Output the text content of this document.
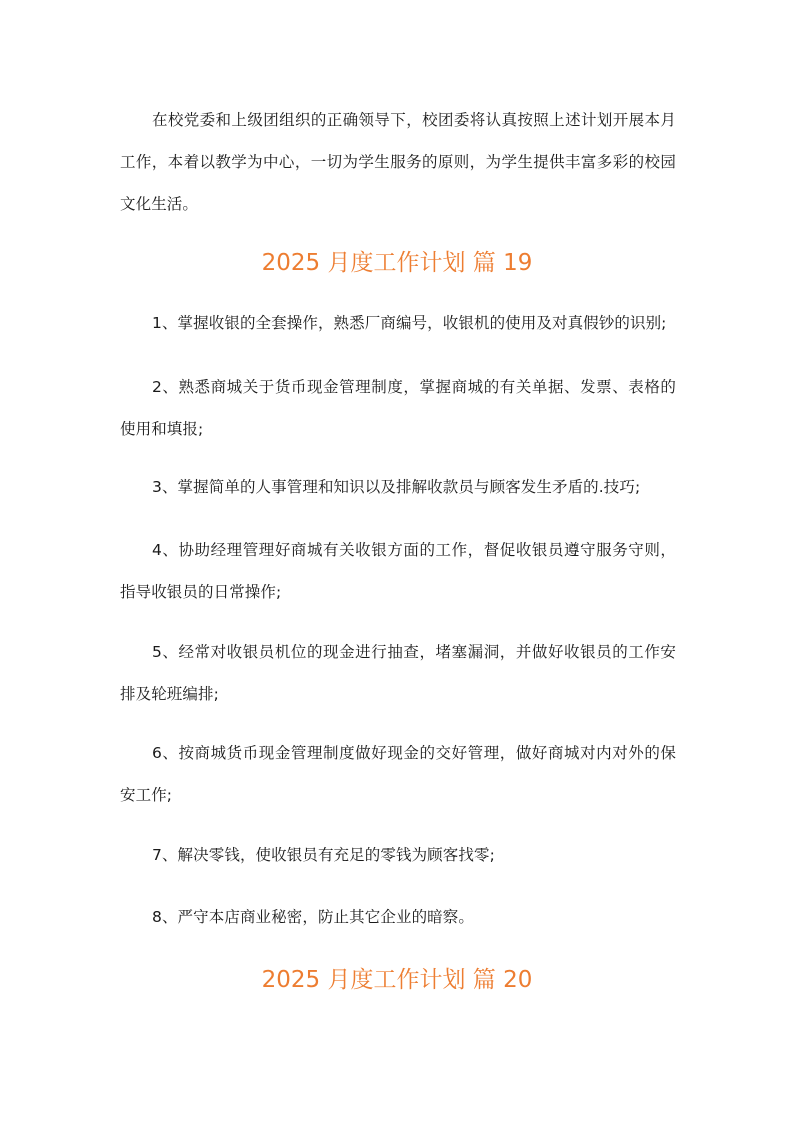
在校党委和上级团组织的正确领导下，校团委将认真按照上述计划开展本月工作，本着以教学为中心，一切为学生服务的原则，为学生提供丰富多彩的校园文化生活。

2025 月度工作计划 篇 19

1、掌握收银的全套操作，熟悉厂商编号，收银机的使用及对真假钞的识别;

2、熟悉商城关于货币现金管理制度，掌握商城的有关单据、发票、表格的使用和填报;

3、掌握简单的人事管理和知识以及排解收款员与顾客发生矛盾的.技巧;

4、协助经理管理好商城有关收银方面的工作，督促收银员遵守服务守则，指导收银员的日常操作;

5、经常对收银员机位的现金进行抽查，堵塞漏洞，并做好收银员的工作安排及轮班编排;

6、按商城货币现金管理制度做好现金的交好管理，做好商城对内对外的保安工作;

7、解决零钱，使收银员有充足的零钱为顾客找零;

8、严守本店商业秘密，防止其它企业的暗察。

2025 月度工作计划 篇 20
